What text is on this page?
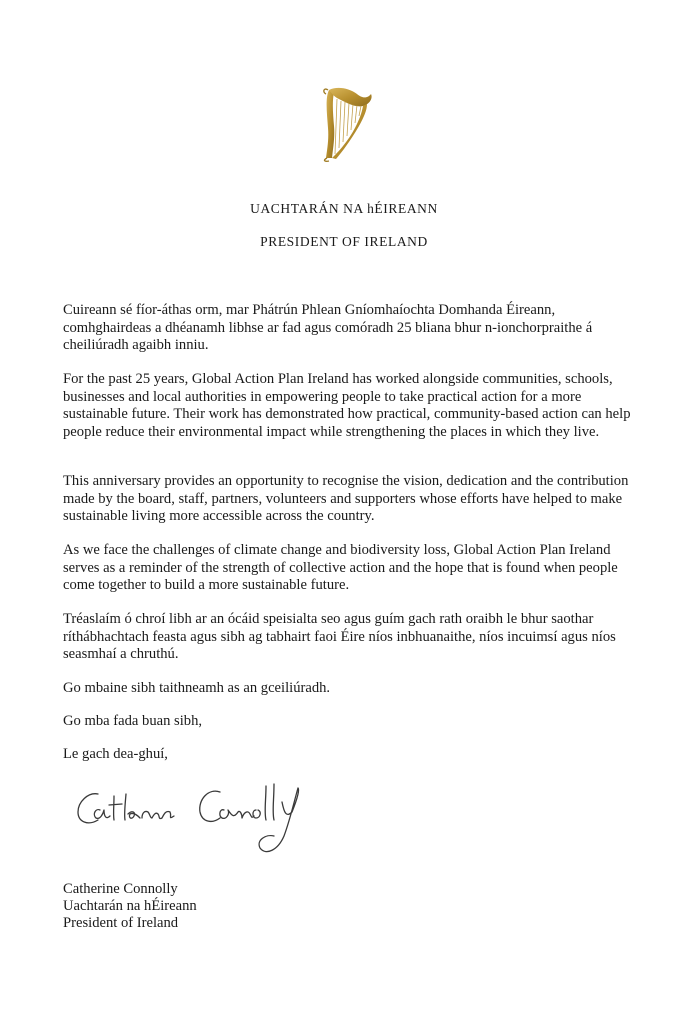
UACHTARÁN NA hÉIREANN
PRESIDENT OF IRELAND
Cuireann sé fíor-áthas orm, mar Phátrún Phlean Gníomhaíochta Domhanda Éireann, comhghairdeas a dhéanamh libhse ar fad agus comóradh 25 bliana bhur n-ionchorpraithe á cheiliúradh agaibh inniu.
For the past 25 years, Global Action Plan Ireland has worked alongside communities, schools, businesses and local authorities in empowering people to take practical action for a more sustainable future. Their work has demonstrated how practical, community-based action can help people reduce their environmental impact while strengthening the places in which they live.
This anniversary provides an opportunity to recognise the vision, dedication and the contribution made by the board, staff, partners, volunteers and supporters whose efforts have helped to make sustainable living more accessible across the country.
As we face the challenges of climate change and biodiversity loss, Global Action Plan Ireland serves as a reminder of the strength of collective action and the hope that is found when people come together to build a more sustainable future.
Tréaslaím ó chroí libh ar an ócáid speisialta seo agus guím gach rath oraibh le bhur saothar ríthábhachtach feasta agus sibh ag tabhairt faoi Éire níos inbhuanaithe, níos incuimsí agus níos seasmhaí a chruthú.
Go mbaine sibh taithneamh as an gceiliúradh.
Go mba fada buan sibh,
Le gach dea-ghuí,
Catherine Connolly
Uachtarán na hÉireann
President of Ireland
